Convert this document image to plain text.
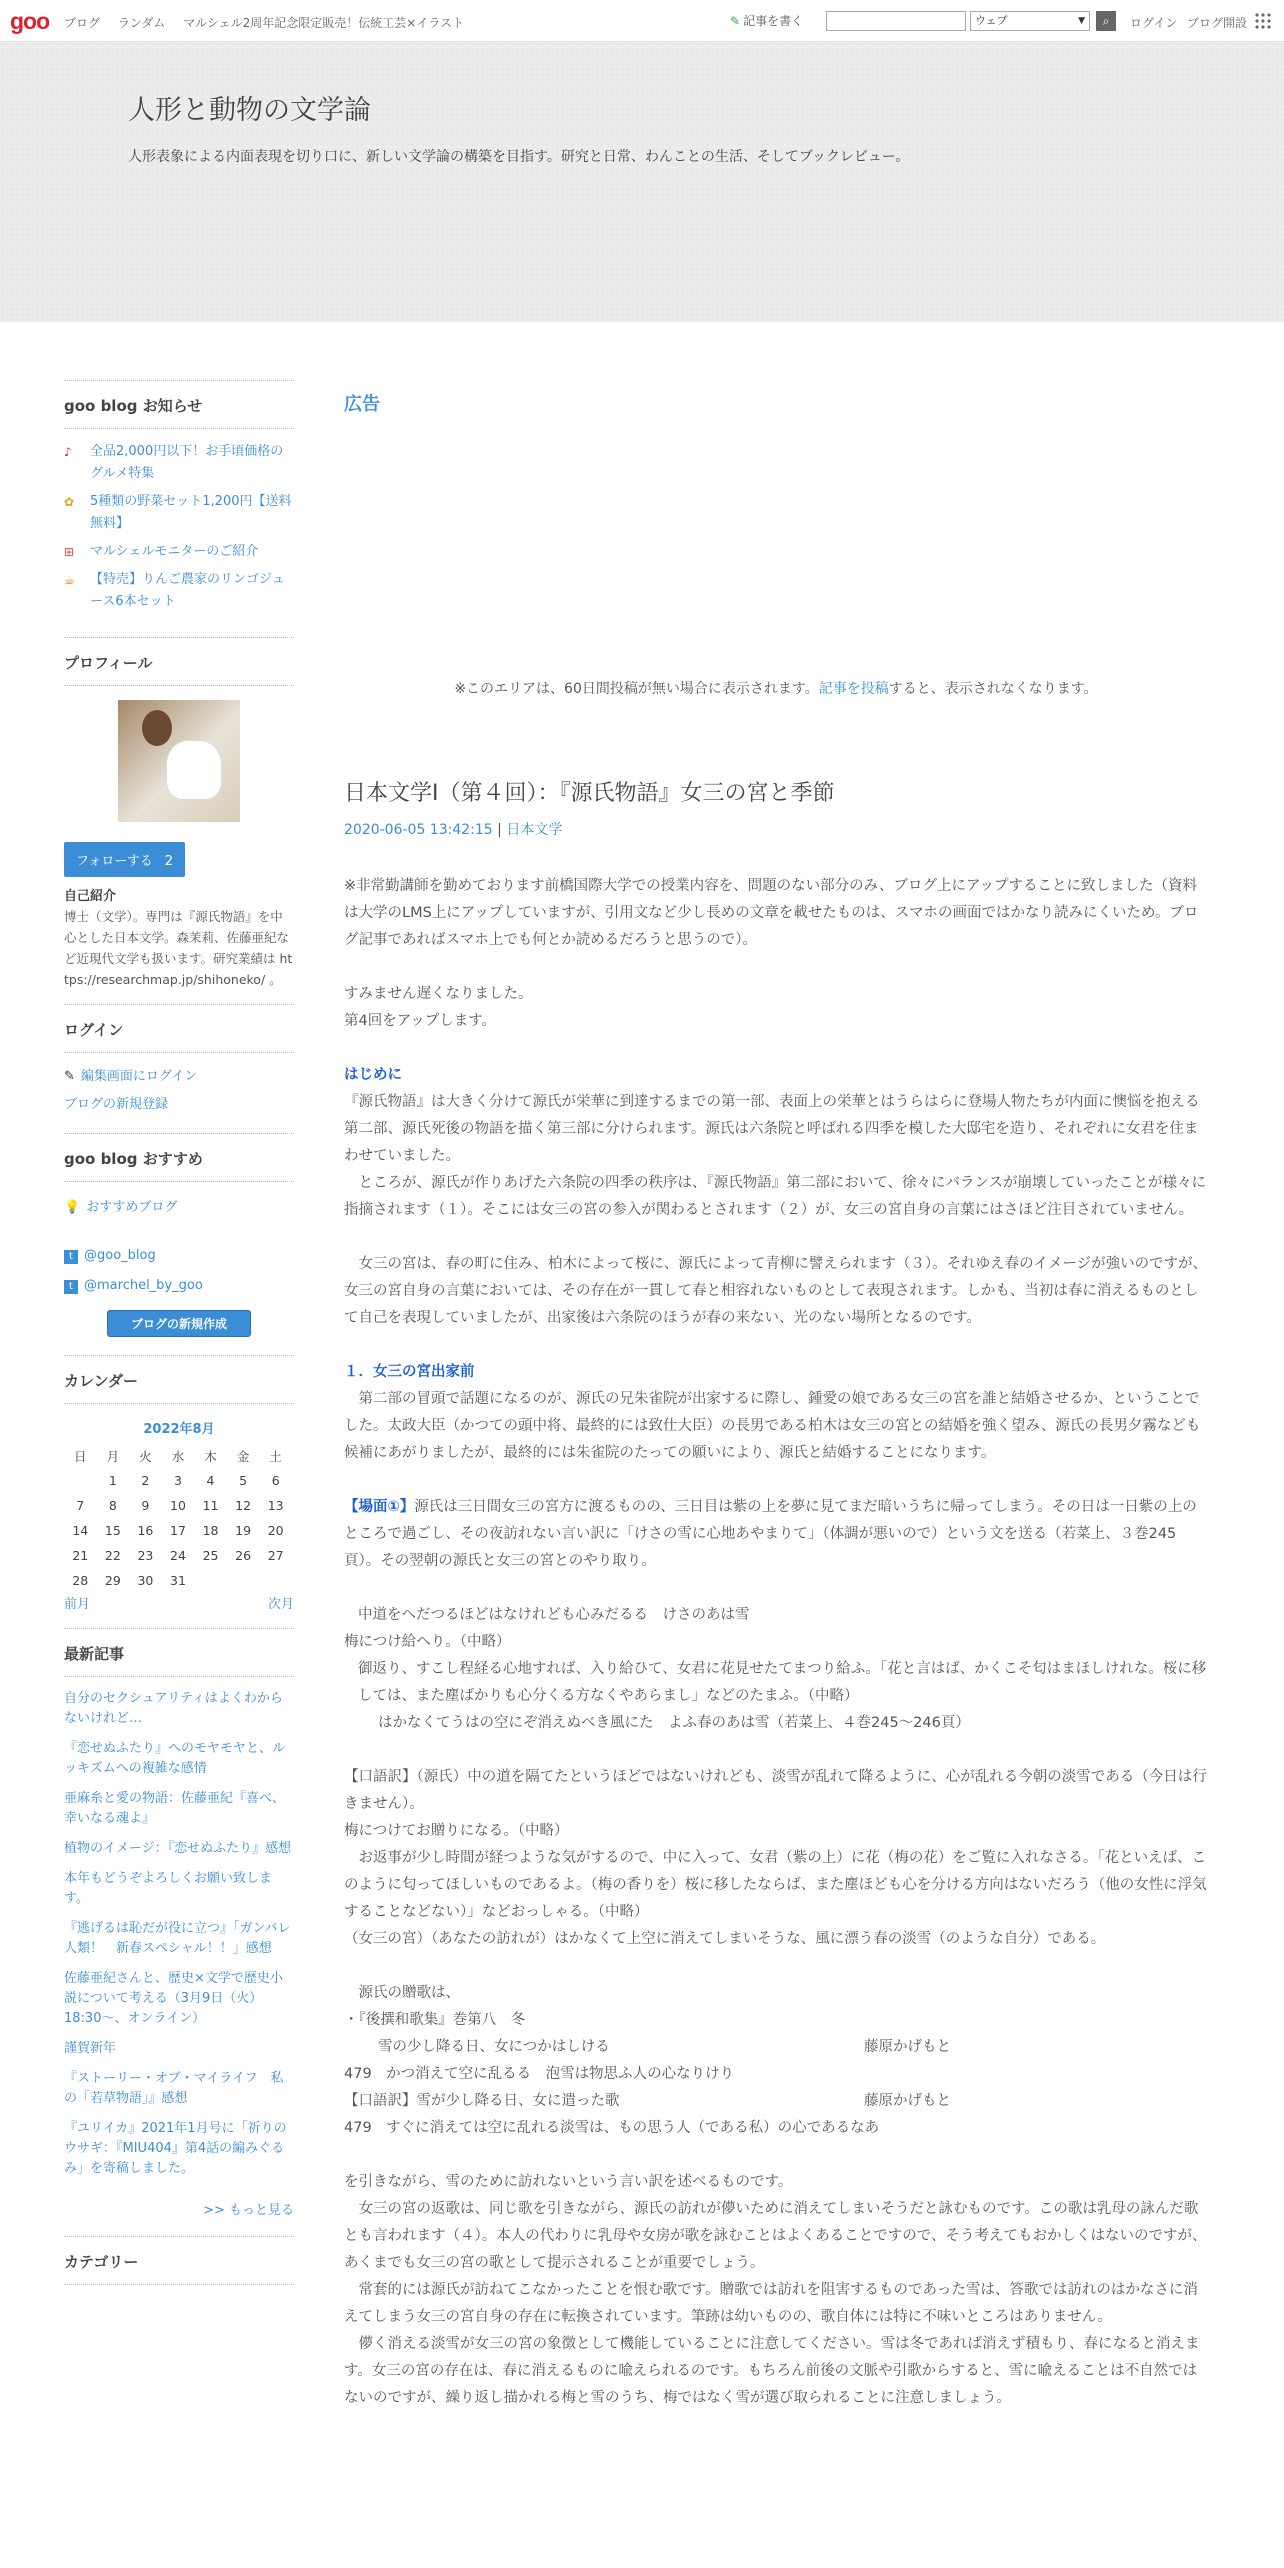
goo ブログ ランダム マルシェル2周年記念限定販売！伝統工芸×イラスト	✎ 記事を書く	ウェブ	▼	⌕	ログイン ブログ開設
人形と動物の文学論
人形表象による内面表現を切り口に、新しい文学論の構築を目指す。研究と日常、わんことの生活、そしてブックレビュー。
goo blog お知らせ
♪	全品2,000円以下！お手頃価格のグルメ特集
✿	5種類の野菜セット1,200円【送料無料】
⊞	マルシェルモニターのご紹介
☕	【特売】りんご農家のリンゴジュース6本セット
プロフィール
フォローする 2
自己紹介
博士（文学）。専門は『源氏物語』を中心とした日本文学。森茉莉、佐藤亜紀など近現代文学も扱います。研究業績は https://researchmap.jp/shihoneko/ 。
ログイン
✎ 編集画面にログイン
ブログの新規登録
goo blog おすすめ
💡 おすすめブログ
t @goo_blog
t @marchel_by_goo
ブログの新規作成
カレンダー
2022年8月
日	月	火	水	木	金	土
	1	2	3	4	5	6
7	8	9	10	11	12	13
14	15	16	17	18	19	20
21	22	23	24	25	26	27
28	29	30	31			
前月	次月
最新記事
自分のセクシュアリティはよくわからないけれど…
『恋せぬふたり』へのモヤモヤと、ルッキズムへの複雑な感情
亜麻糸と愛の物語：佐藤亜紀『喜べ、幸いなる魂よ』
植物のイメージ：『恋せぬふたり』感想
本年もどうぞよろしくお願い致します。
『逃げるは恥だが役に立つ』「ガンバレ人類！　新春スペシャル！！」感想
佐藤亜紀さんと、歴史×文学で歴史小説について考える（3月9日（火）18:30～、オンライン）
謹賀新年
『ストーリー・オブ・マイライフ　私の「若草物語」』感想
『ユリイカ』2021年1月号に「祈りのウサギ：『MIU404』第4話の編みぐるみ」を寄稿しました。
>> もっと見る
カテゴリー
広告
※このエリアは、60日間投稿が無い場合に表示されます。記事を投稿すると、表示されなくなります。
日本文学Ⅰ（第４回）：『源氏物語』女三の宮と季節
2020-06-05 13:42:15 | 日本文学

※非常勤講師を勤めております前橋国際大学での授業内容を、問題のない部分のみ、ブログ上にアップすることに致しました（資料は大学のLMS上にアップしていますが、引用文など少し長めの文章を載せたものは、スマホの画面ではかなり読みにくいため。ブログ記事であればスマホ上でも何とか読めるだろうと思うので）。

すみません遅くなりました。

第4回をアップします。

はじめに

『源氏物語』は大きく分けて源氏が栄華に到達するまでの第一部、表面上の栄華とはうらはらに登場人物たちが内面に懊悩を抱える第二部、源氏死後の物語を描く第三部に分けられます。源氏は六条院と呼ばれる四季を模した大邸宅を造り、それぞれに女君を住まわせていました。

　ところが、源氏が作りあげた六条院の四季の秩序は、『源氏物語』第二部において、徐々にバランスが崩壊していったことが様々に指摘されます（１）。そこには女三の宮の参入が関わるとされます（２）が、女三の宮自身の言葉にはさほど注目されていません。

　女三の宮は、春の町に住み、柏木によって桜に、源氏によって青柳に譬えられます（３）。それゆえ春のイメージが強いのですが、女三の宮自身の言葉においては、その存在が一貫して春と相容れないものとして表現されます。しかも、当初は春に消えるものとして自己を表現していましたが、出家後は六条院のほうが春の来ない、光のない場所となるのです。

１．女三の宮出家前

　第二部の冒頭で話題になるのが、源氏の兄朱雀院が出家するに際し、鍾愛の娘である女三の宮を誰と結婚させるか、ということでした。太政大臣（かつての頭中将、最終的には致仕大臣）の長男である柏木は女三の宮との結婚を強く望み、源氏の長男夕霧なども候補にあがりましたが、最終的には朱雀院のたっての願いにより、源氏と結婚することになります。

【場面①】源氏は三日間女三の宮方に渡るものの、三日目は紫の上を夢に見てまだ暗いうちに帰ってしまう。その日は一日紫の上のところで過ごし、その夜訪れない言い訳に「けさの雪に心地あやまりて」（体調が悪いので）という文を送る（若菜上、３巻245頁）。その翌朝の源氏と女三の宮とのやり取り。

中道をへだつるほどはなけれども心みだるる　けさのあは雪

梅につけ給へり。（中略）

御返り、すこし程経る心地すれば、入り給ひて、女君に花見せたてまつり給ふ。「花と言はば、かくこそ匂はまほしけれな。桜に移しては、また塵ばかりも心分くる方なくやあらまし」などのたまふ。（中略）

はかなくてうはの空にぞ消えぬべき風にた　よふ春のあは雪（若菜上、４巻245～246頁）

【口語訳】（源氏）中の道を隔てたというほどではないけれども、淡雪が乱れて降るように、心が乱れる今朝の淡雪である（今日は行きません）。

梅につけてお贈りになる。（中略）

　お返事が少し時間が経つような気がするので、中に入って、女君（紫の上）に花（梅の花）をご覧に入れなさる。「花といえば、このように匂ってほしいものであるよ。（梅の香りを）桜に移したならば、また塵ほども心を分ける方向はないだろう（他の女性に浮気することなどない）」などおっしゃる。（中略）

（女三の宮）（あなたの訪れが）はかなくて上空に消えてしまいそうな、風に漂う春の淡雪（のような自分）である。

　源氏の贈歌は、

・『後撰和歌集』巻第八　冬

雪の少し降る日、女につかはしける	藤原かげもと

479　かつ消えて空に乱るる　泡雪は物思ふ人の心なりけり

【口語訳】雪が少し降る日、女に遣った歌	藤原かげもと

479　すぐに消えては空に乱れる淡雪は、もの思う人（である私）の心であるなあ

を引きながら、雪のために訪れないという言い訳を述べるものです。

　女三の宮の返歌は、同じ歌を引きながら、源氏の訪れが儚いために消えてしまいそうだと詠むものです。この歌は乳母の詠んだ歌とも言われます（４）。本人の代わりに乳母や女房が歌を詠むことはよくあることですので、そう考えてもおかしくはないのですが、あくまでも女三の宮の歌として提示されることが重要でしょう。

　常套的には源氏が訪ねてこなかったことを恨む歌です。贈歌では訪れを阻害するものであった雪は、答歌では訪れのはかなさに消えてしまう女三の宮自身の存在に転換されています。筆跡は幼いものの、歌自体には特に不味いところはありません。

　儚く消える淡雪が女三の宮の象徴として機能していることに注意してください。雪は冬であれば消えず積もり、春になると消えます。女三の宮の存在は、春に消えるものに喩えられるのです。もちろん前後の文脈や引歌からすると、雪に喩えることは不自然ではないのですが、繰り返し描かれる梅と雪のうち、梅ではなく雪が選び取られることに注意しましょう。
